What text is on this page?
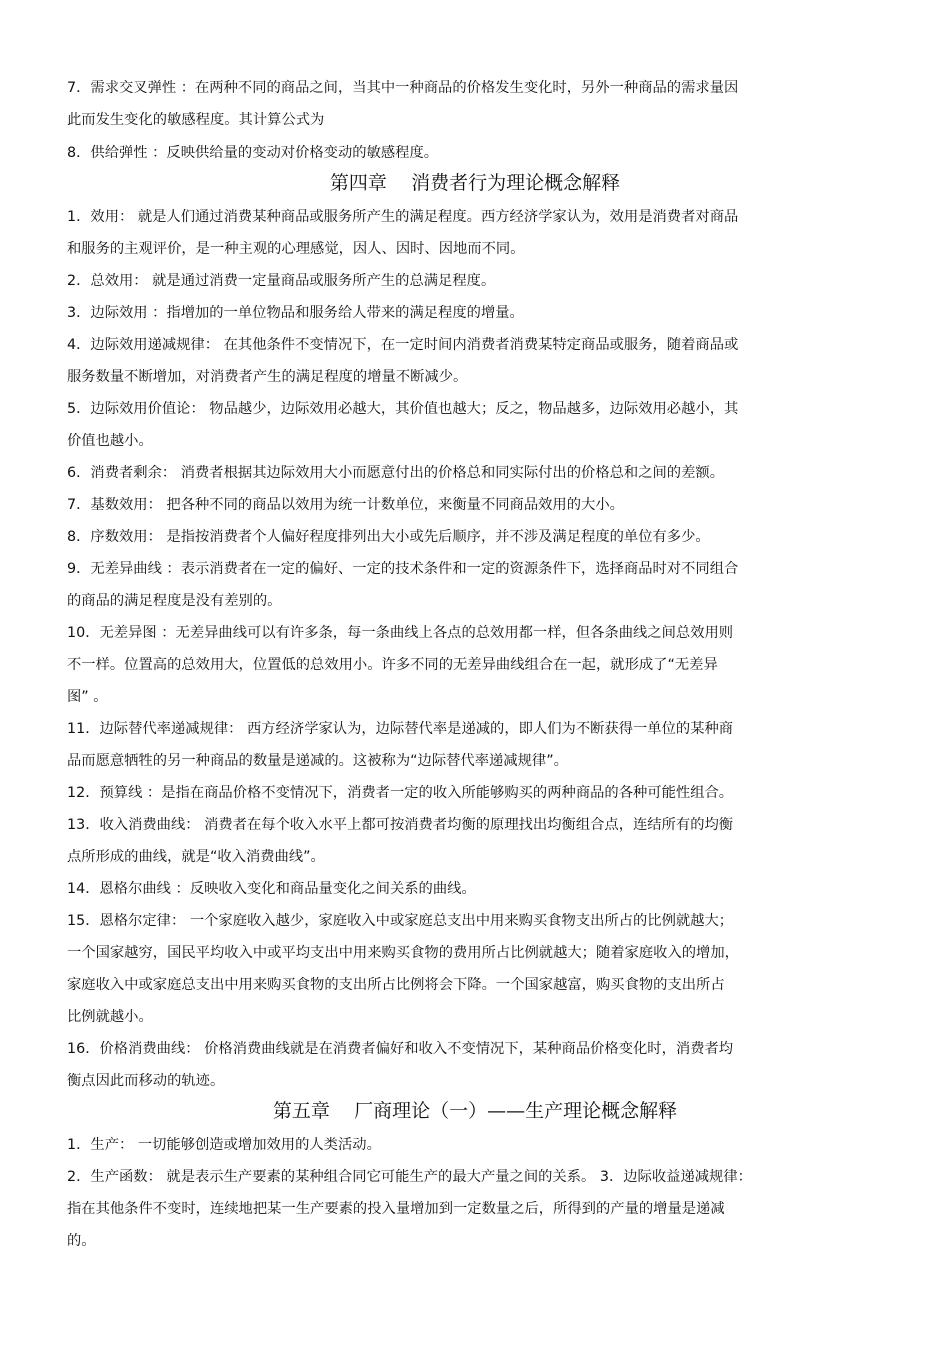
7．需求交叉弹性 ：在两种不同的商品之间，当其中一种商品的价格发生变化时，另外一种商品的需求量因
此而发生变化的敏感程度。其计算公式为
8．供给弹性 ：反映供给量的变动对价格变动的敏感程度。
第四章    消费者行为理论概念解释
1．效用： 就是人们通过消费某种商品或服务所产生的满足程度。西方经济学家认为，效用是消费者对商品
和服务的主观评价，是一种主观的心理感觉，因人、因时、因地而不同。
2．总效用： 就是通过消费一定量商品或服务所产生的总满足程度。
3．边际效用 ：指增加的一单位物品和服务给人带来的满足程度的增量。
4．边际效用递减规律： 在其他条件不变情况下，在一定时间内消费者消费某特定商品或服务，随着商品或
服务数量不断增加，对消费者产生的满足程度的增量不断减少。
5．边际效用价值论： 物品越少，边际效用必越大，其价值也越大；反之，物品越多，边际效用必越小，其
价值也越小。
6．消费者剩余： 消费者根据其边际效用大小而愿意付出的价格总和同实际付出的价格总和之间的差额。
7．基数效用： 把各种不同的商品以效用为统一计数单位，来衡量不同商品效用的大小。
8．序数效用： 是指按消费者个人偏好程度排列出大小或先后顺序，并不涉及满足程度的单位有多少。
9．无差异曲线 ：表示消费者在一定的偏好、一定的技术条件和一定的资源条件下，选择商品时对不同组合
的商品的满足程度是没有差别的。
10．无差异图 ：无差异曲线可以有许多条，每一条曲线上各点的总效用都一样，但各条曲线之间总效用则
不一样。位置高的总效用大，位置低的总效用小。许多不同的无差异曲线组合在一起，就形成了“无差异
图” 。
11．边际替代率递减规律： 西方经济学家认为，边际替代率是递减的，即人们为不断获得一单位的某种商
品而愿意牺牲的另一种商品的数量是递减的。这被称为“边际替代率递减规律”。
12．预算线 ：是指在商品价格不变情况下，消费者一定的收入所能够购买的两种商品的各种可能性组合。
13．收入消费曲线： 消费者在每个收入水平上都可按消费者均衡的原理找出均衡组合点，连结所有的均衡
点所形成的曲线，就是“收入消费曲线”。
14．恩格尔曲线 ：反映收入变化和商品量变化之间关系的曲线。
15．恩格尔定律： 一个家庭收入越少，家庭收入中或家庭总支出中用来购买食物支出所占的比例就越大；
一个国家越穷，国民平均收入中或平均支出中用来购买食物的费用所占比例就越大；随着家庭收入的增加，
家庭收入中或家庭总支出中用来购买食物的支出所占比例将会下降。一个国家越富，购买食物的支出所占
比例就越小。
16．价格消费曲线： 价格消费曲线就是在消费者偏好和收入不变情况下，某种商品价格变化时，消费者均
衡点因此而移动的轨迹。
第五章    厂商理论（一）——生产理论概念解释
1．生产： 一切能够创造或增加效用的人类活动。
2．生产函数： 就是表示生产要素的某种组合同它可能生产的最大产量之间的关系。 3．边际收益递减规律：
指在其他条件不变时，连续地把某一生产要素的投入量增加到一定数量之后，所得到的产量的增量是递减
的。
